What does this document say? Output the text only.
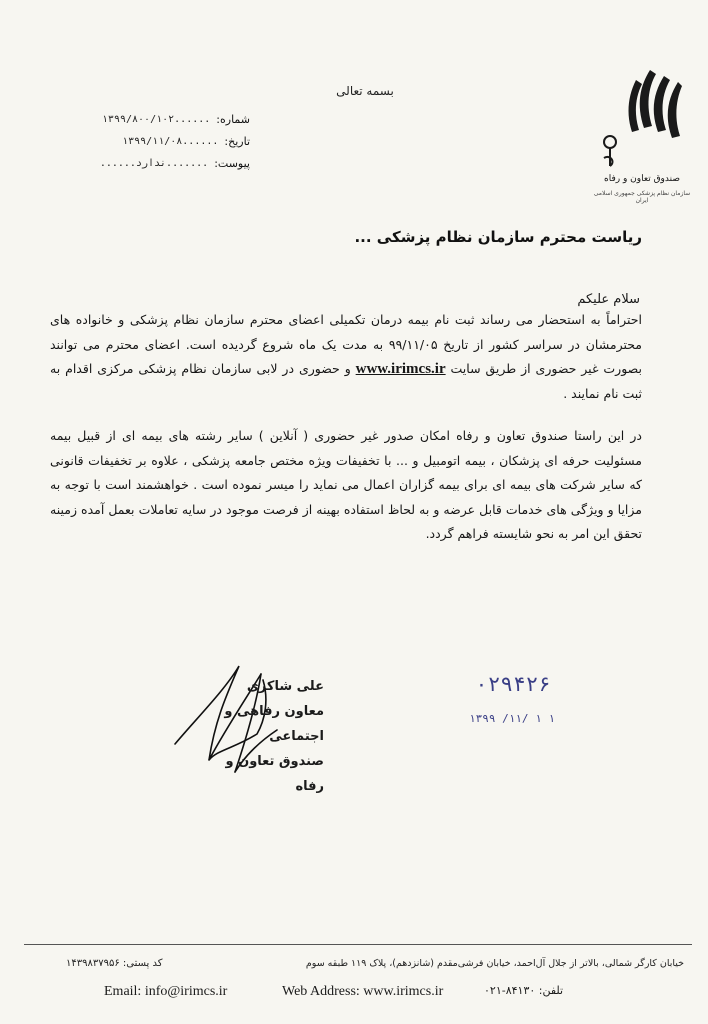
بسمه تعالی
صندوق تعاون و رفاه
سازمان نظام پزشکی جمهوری اسلامی ایران
شماره:
۱۳۹۹/۸۰۰/۱۰۲......
تاریخ:
۱۳۹۹/۱۱/۰۸......
پیوست:
......ندارد.......
ریاست محترم سازمان نظام پزشکی ...
سلام علیکم
احتراماً به استحضار می رساند ثبت نام بیمه درمان تکمیلی اعضای محترم سازمان نظام پزشکی و خانواده های محترمشان در سراسر کشور از تاریخ ۹۹/۱۱/۰۵ به مدت یک ماه شروع گردیده است. اعضای محترم می توانند بصورت غیر حضوری از طریق سایت www.irimcs.ir و حضوری در لابی سازمان نظام پزشکی مرکزی اقدام به ثبت نام نمایند .
در این راستا صندوق تعاون و رفاه امکان صدور غیر حضوری ( آنلاین ) سایر رشته های بیمه ای از قبیل بیمه مسئولیت حرفه ای پزشکان ، بیمه اتومبیل و ... با تخفیفات ویژه مختص جامعه پزشکی ، علاوه بر تخفیفات قانونی که سایر شرکت های بیمه ای برای بیمه گزاران اعمال می نماید را میسر نموده است . خواهشمند است با توجه به مزایا و ویژگی های خدمات قابل عرضه و به لحاظ استفاده بهینه از فرصت موجود در سایه تعاملات بعمل آمده زمینه تحقق این امر به نحو شایسته فراهم گردد.
علی شاکری
معاون رفاهی و اجتماعی
صندوق تعاون و رفاه
۰۲۹۴۲۶
۱۳۹۹ /۱۱/ ۱ ۱
خیابان کارگر شمالی، بالاتر از جلال آل‌احمد، خیابان فرشی‌مقدم (شانزدهم)، پلاک ۱۱۹ طبقه سوم
کد پستی: ۱۴۳۹۸۳۷۹۵۶
Email: info@irimcs.ir	Web Address: www.irimcs.ir	تلفن: ۸۴۱۳۰-۰۲۱
